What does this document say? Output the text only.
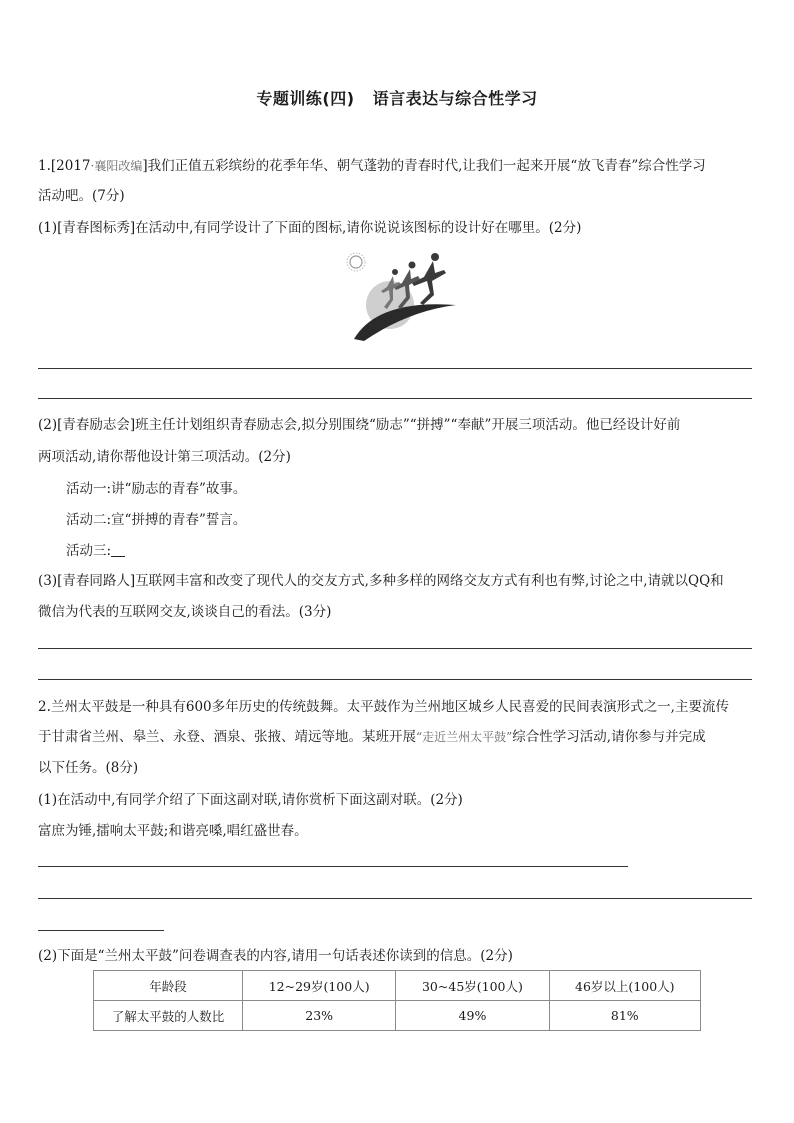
专题训练(四) 语言表达与综合性学习
1.[2017·襄阳改编]我们正值五彩缤纷的花季年华、朝气蓬勃的青春时代,让我们一起来开展“放飞青春”综合性学习
活动吧。(7分)
(1)[青春图标秀]在活动中,有同学设计了下面的图标,请你说说该图标的设计好在哪里。(2分)
(2)[青春励志会]班主任计划组织青春励志会,拟分别围绕“励志”“拼搏”“奉献”开展三项活动。他已经设计好前
两项活动,请你帮他设计第三项活动。(2分)
活动一:讲“励志的青春”故事。
活动二:宣“拼搏的青春”誓言。
活动三:
(3)[青春同路人]互联网丰富和改变了现代人的交友方式,多种多样的网络交友方式有利也有弊,讨论之中,请就以QQ和
微信为代表的互联网交友,谈谈自己的看法。(3分)
2.兰州太平鼓是一种具有600多年历史的传统鼓舞。太平鼓作为兰州地区城乡人民喜爱的民间表演形式之一,主要流传
于甘肃省兰州、皋兰、永登、酒泉、张掖、靖远等地。某班开展“走近兰州太平鼓”综合性学习活动,请你参与并完成
以下任务。(8分)
(1)在活动中,有同学介绍了下面这副对联,请你赏析下面这副对联。(2分)
富庶为锤,擂响太平鼓;和谐亮嗓,唱红盛世春。
(2)下面是“兰州太平鼓”问卷调查表的内容,请用一句话表述你读到的信息。(2分)
年龄段	12~29岁(100人)	30~45岁(100人)	46岁以上(100人)
了解太平鼓的人数比	23%	49%	81%
